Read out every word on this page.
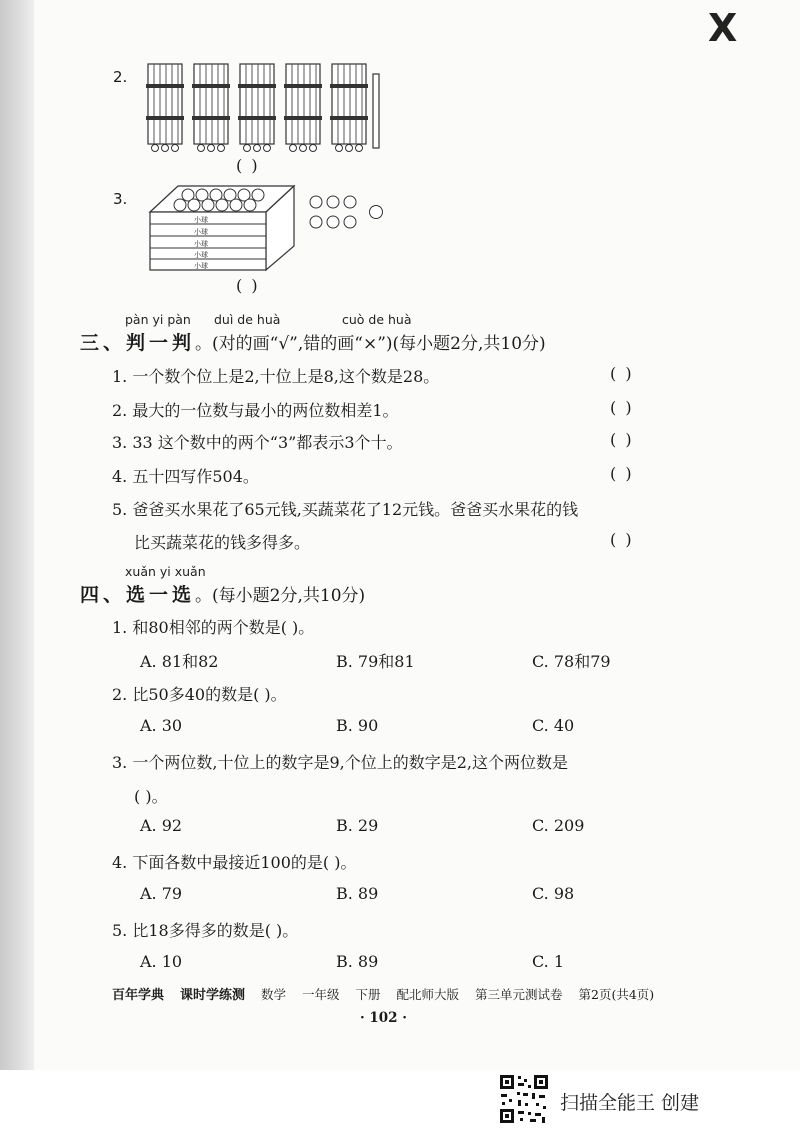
X
2.
( )
3.
小球
小球
小球
小球
小球
( )
pàn yi pàn duì de huà	cuò de huà
三、判一判。(对的画“√”,错的画“×”)(每小题2分,共10分)
1. 一个数个位上是2,十位上是8,这个数是28。	( )
2. 最大的一位数与最小的两位数相差1。	( )
3. 33 这个数中的两个“3”都表示3个十。	( )
4. 五十四写作504。	( )
5. 爸爸买水果花了65元钱,买蔬菜花了12元钱。爸爸买水果花的钱
比买蔬菜花的钱多得多。	( )
xuǎn yi xuǎn
四、选一选。(每小题2分,共10分)
1. 和80相邻的两个数是( )。
A. 81和82	B. 79和81	C. 78和79
2. 比50多40的数是( )。
A. 30	B. 90	C. 40
3. 一个两位数,十位上的数字是9,个位上的数字是2,这个两位数是
( )。
A. 92	B. 29	C. 209
4. 下面各数中最接近100的是( )。
A. 79	B. 89	C. 98
5. 比18多得多的数是( )。
A. 10	B. 89	C. 1
百年学典 课时学练测 数学 一年级 下册 配北师大版 第三单元测试卷 第2页(共4页)
· 102 ·
扫描全能王 创建
